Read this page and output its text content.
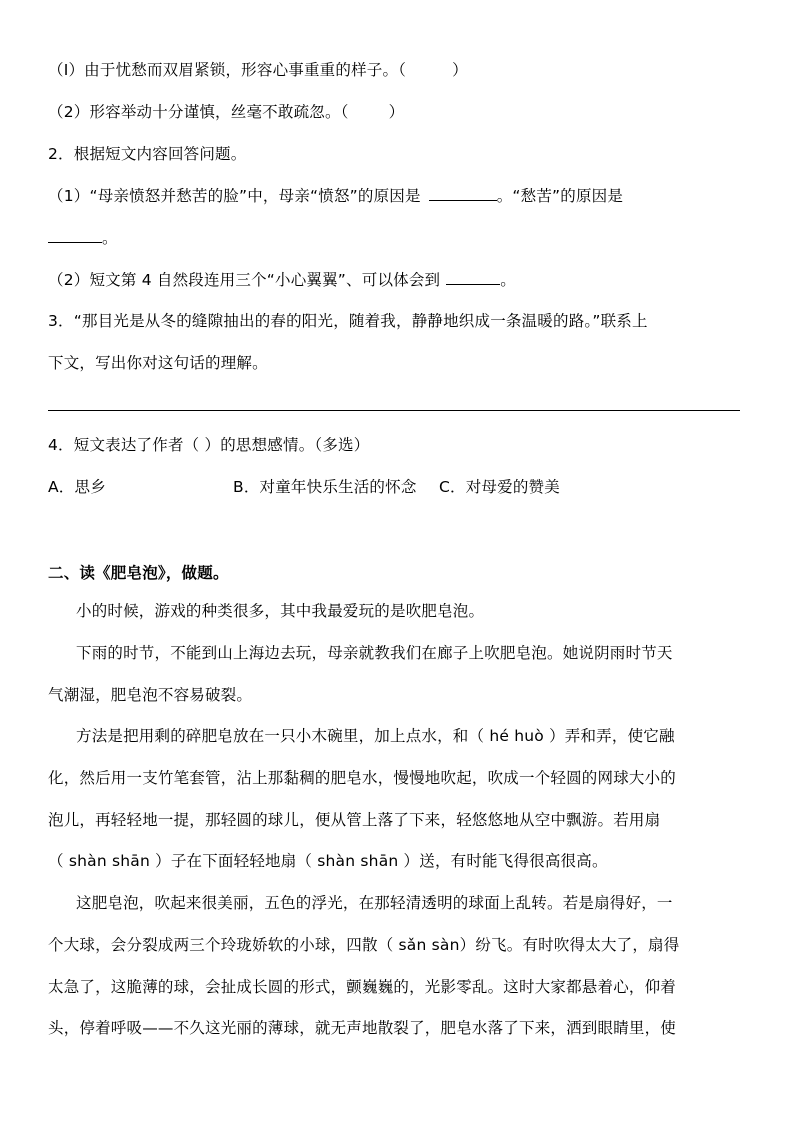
（I）由于忧愁而双眉紧锁，形容心事重重的样子。（	）
（2）形容举动十分谨慎，丝毫不敢疏忽。（	）
2．根据短文内容回答问题。
（1）“母亲愤怒并愁苦的脸”中，母亲“愤怒”的原因是	。“愁苦”的原因是
。
（2）短文第 4 自然段连用三个“小心翼翼”、可以体会到	。
3．“那目光是从冬的缝隙抽出的春的阳光，随着我，静静地织成一条温暖的路。”联系上
下文，写出你对这句话的理解。
4．短文表达了作者（ ）的思想感情。（多选）
A．思乡	B．对童年快乐生活的怀念 C．对母爱的赞美
二、读《肥皂泡》，做题。
小的时候，游戏的种类很多，其中我最爱玩的是吹肥皂泡。
下雨的时节，不能到山上海边去玩，母亲就教我们在廊子上吹肥皂泡。她说阴雨时节天
气潮湿，肥皂泡不容易破裂。
方法是把用剩的碎肥皂放在一只小木碗里，加上点水，和（ hé huò ）弄和弄，使它融
化，然后用一支竹笔套管，沾上那黏稠的肥皂水，慢慢地吹起，吹成一个轻圆的网球大小的
泡儿，再轻轻地一提，那轻圆的球儿，便从管上落了下来，轻悠悠地从空中飘游。若用扇
（ shàn shān ）子在下面轻轻地扇（ shàn shān ）送，有时能飞得很高很高。
这肥皂泡，吹起来很美丽，五色的浮光，在那轻清透明的球面上乱转。若是扇得好，一
个大球，会分裂成两三个玲珑娇软的小球，四散（ sǎn sàn）纷飞。有时吹得太大了，扇得
太急了，这脆薄的球，会扯成长圆的形式，颤巍巍的，光影零乱。这时大家都悬着心，仰着
头，停着呼吸——不久这光丽的薄球，就无声地散裂了，肥皂水落了下来，洒到眼睛里，使
